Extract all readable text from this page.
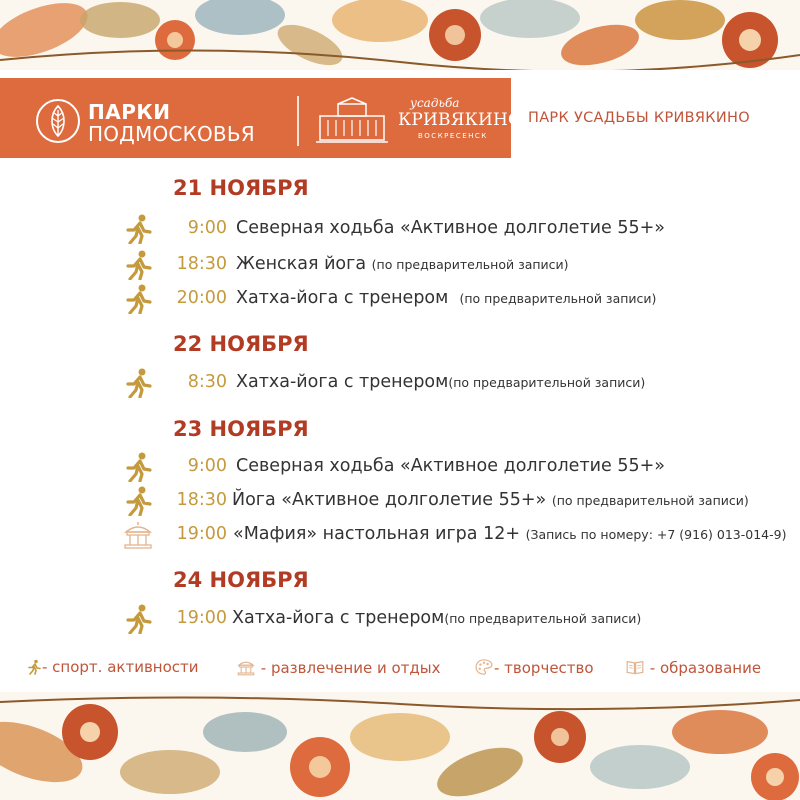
ПАРКИ
ПОДМОСКОВЬЯ
усадьба
КРИВЯКИНО
ВОСКРЕСЕНСК
ПАРК УСАДЬБЫ КРИВЯКИНО
21 НОЯБРЯ
9:00 Северная ходьба «Активное долголетие 55+»
18:30 Женская йога (по предварительной записи)
20:00 Хатха-йога с тренером (по предварительной записи)
22 НОЯБРЯ
8:30 Хатха-йога с тренером(по предварительной записи)
23 НОЯБРЯ
9:00 Северная ходьба «Активное долголетие 55+»
18:30 Йога «Активное долголетие 55+» (по предварительной записи)
19:00 «Мафия» настольная игра 12+ (Запись по номеру: +7 (916) 013-014-9)
24 НОЯБРЯ
19:00 Хатха-йога с тренером(по предварительной записи)
- спорт. активности	- развлечение и отдых	- творчество	- образование
